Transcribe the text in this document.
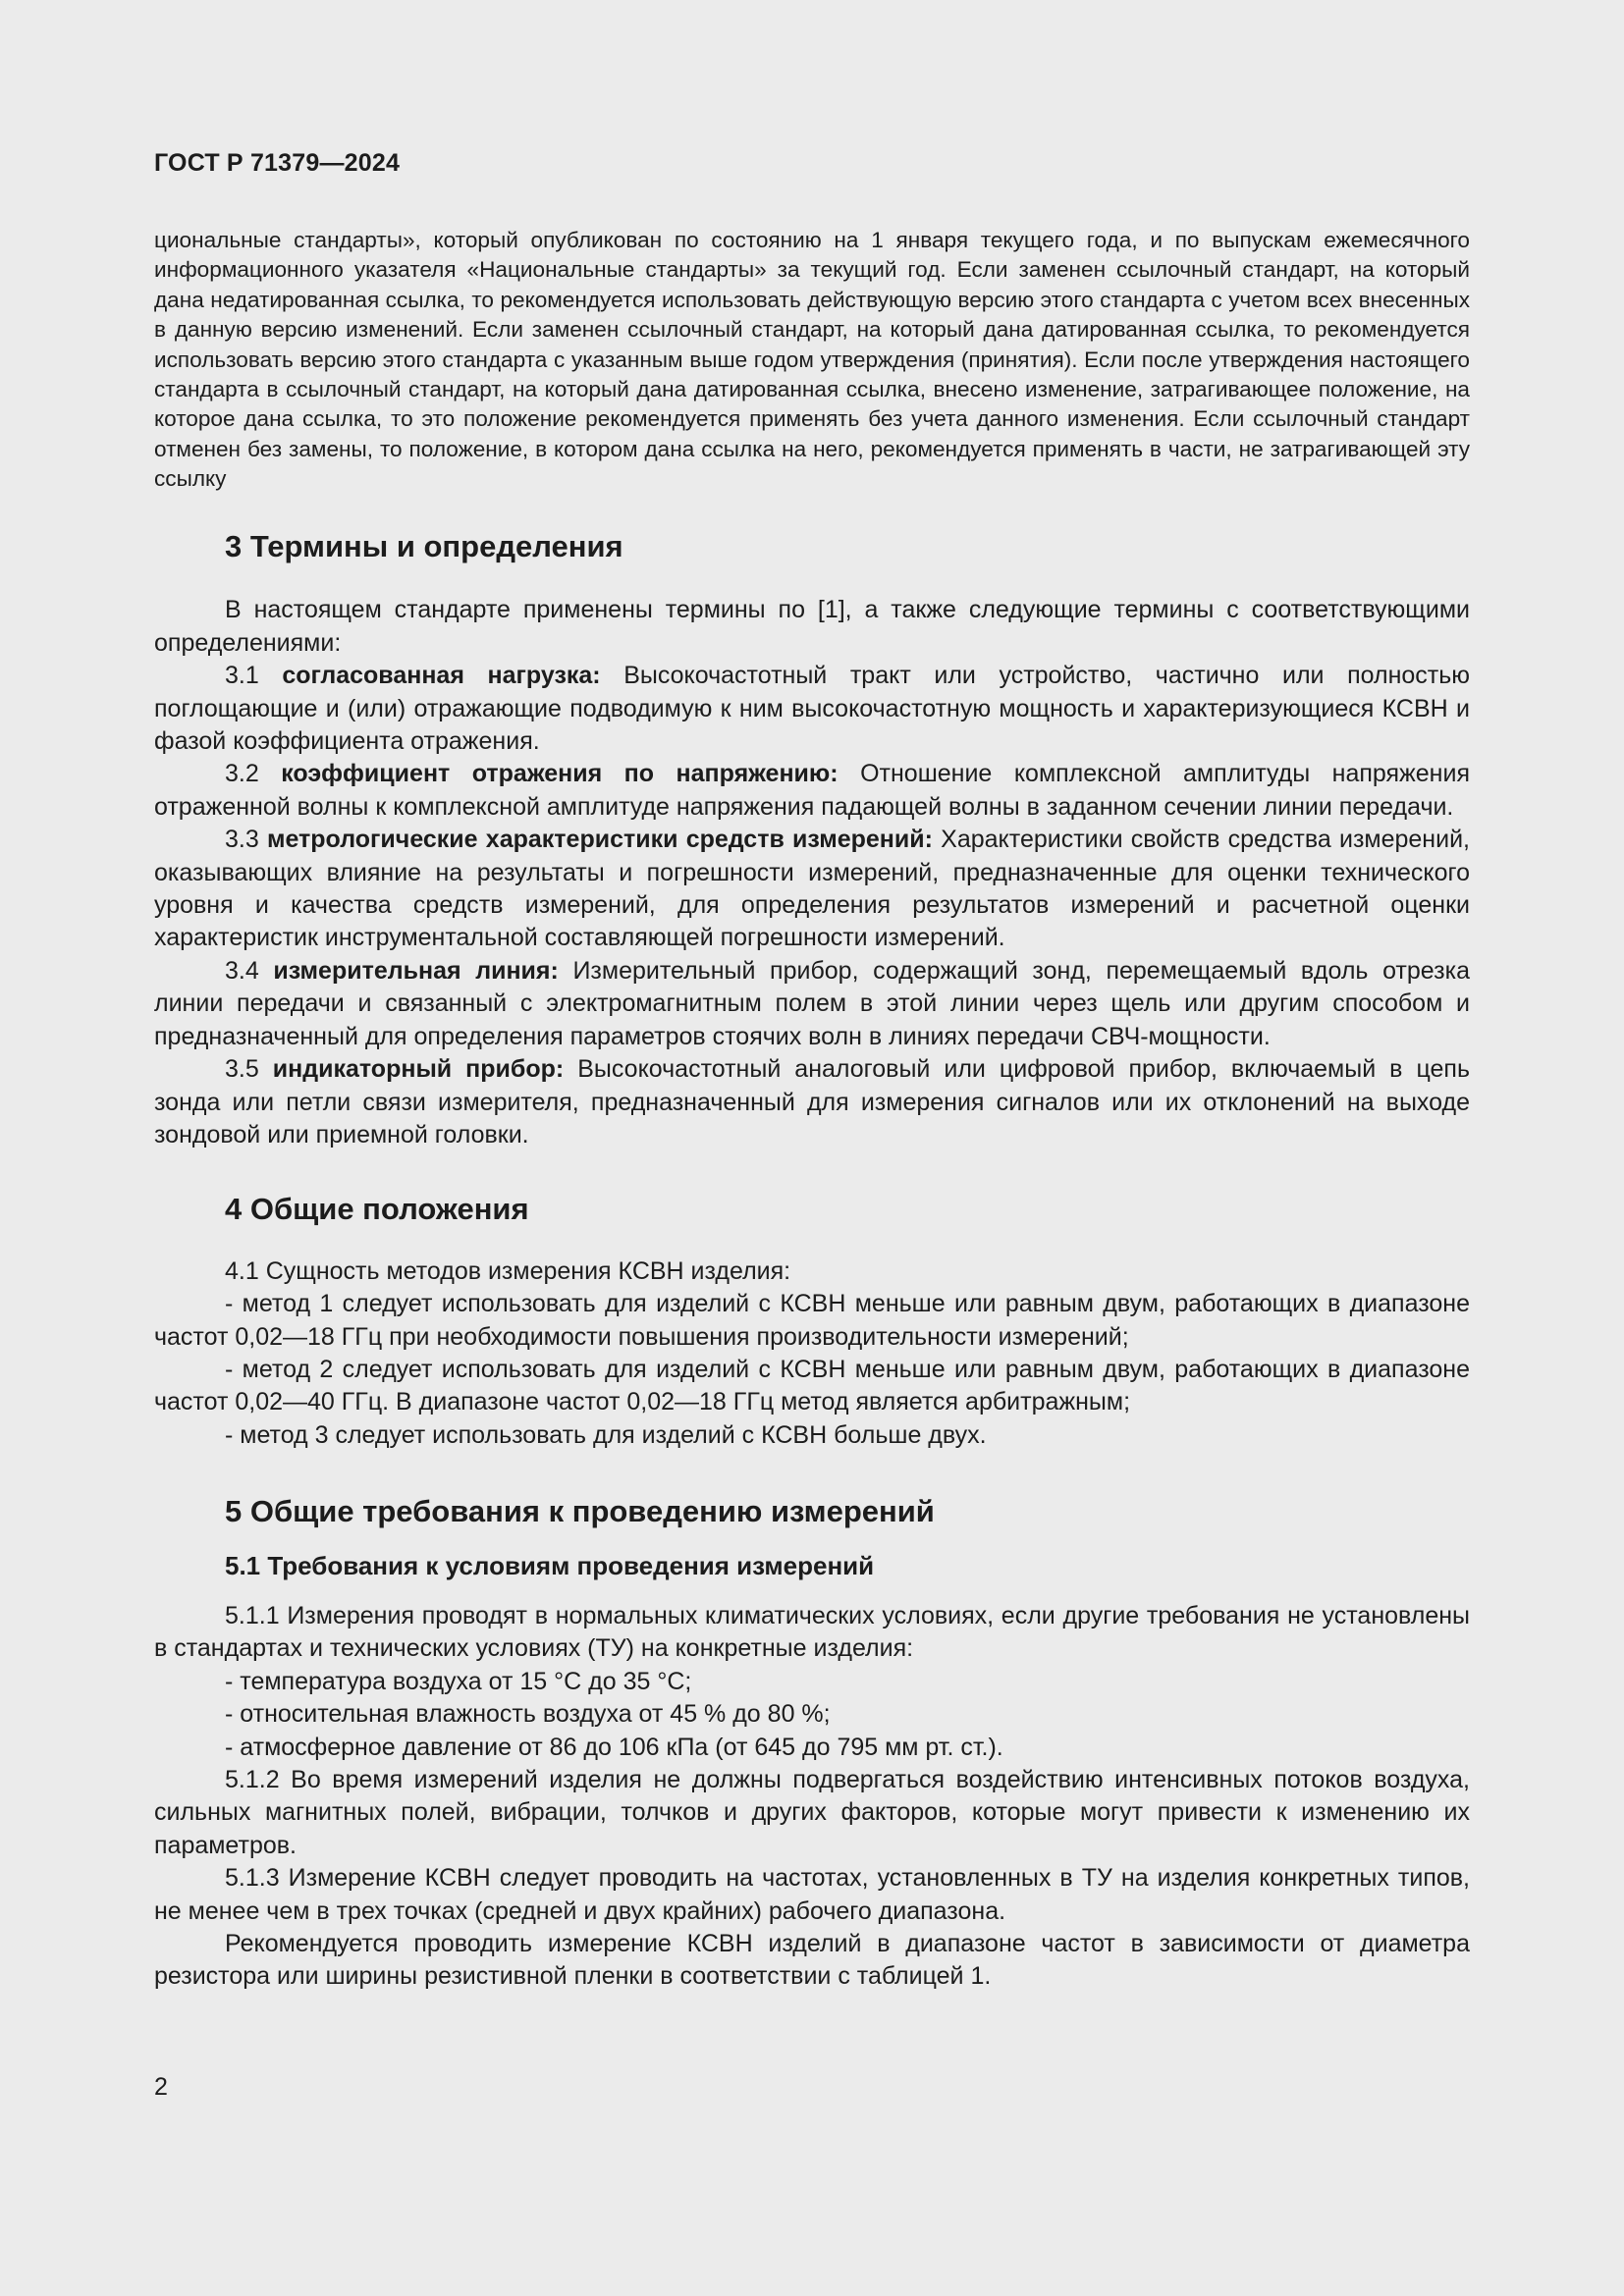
ГОСТ Р 71379—2024

циональные стандарты», который опубликован по состоянию на 1 января текущего года, и по выпускам ежемесячного информационного указателя «Национальные стандарты» за текущий год. Если заменен ссылочный стандарт, на который дана недатированная ссылка, то рекомендуется использовать действующую версию этого стандарта с учетом всех внесенных в данную версию изменений. Если заменен ссылочный стандарт, на который дана датированная ссылка, то рекомендуется использовать версию этого стандарта с указанным выше годом утверждения (принятия). Если после утверждения настоящего стандарта в ссылочный стандарт, на который дана датированная ссылка, внесено изменение, затрагивающее положение, на которое дана ссылка, то это положение рекомендуется применять без учета данного изменения. Если ссылочный стандарт отменен без замены, то положение, в котором дана ссылка на него, рекомендуется применять в части, не затрагивающей эту ссылку

3 Термины и определения

В настоящем стандарте применены термины по [1], а также следующие термины с соответствующими определениями:

3.1 согласованная нагрузка: Высокочастотный тракт или устройство, частично или полностью поглощающие и (или) отражающие подводимую к ним высокочастотную мощность и характеризующиеся КСВН и фазой коэффициента отражения.

3.2 коэффициент отражения по напряжению: Отношение комплексной амплитуды напряжения отраженной волны к комплексной амплитуде напряжения падающей волны в заданном сечении линии передачи.

3.3 метрологические характеристики средств измерений: Характеристики свойств средства измерений, оказывающих влияние на результаты и погрешности измерений, предназначенные для оценки технического уровня и качества средств измерений, для определения результатов измерений и расчетной оценки характеристик инструментальной составляющей погрешности измерений.

3.4 измерительная линия: Измерительный прибор, содержащий зонд, перемещаемый вдоль отрезка линии передачи и связанный с электромагнитным полем в этой линии через щель или другим способом и предназначенный для определения параметров стоячих волн в линиях передачи СВЧ-мощности.

3.5 индикаторный прибор: Высокочастотный аналоговый или цифровой прибор, включаемый в цепь зонда или петли связи измерителя, предназначенный для измерения сигналов или их отклонений на выходе зондовой или приемной головки.

4 Общие положения

4.1 Сущность методов измерения КСВН изделия:

- метод 1 следует использовать для изделий с КСВН меньше или равным двум, работающих в диапазоне частот 0,02—18 ГГц при необходимости повышения производительности измерений;

- метод 2 следует использовать для изделий с КСВН меньше или равным двум, работающих в диапазоне частот 0,02—40 ГГц. В диапазоне частот 0,02—18 ГГц метод является арбитражным;

- метод 3 следует использовать для изделий с КСВН больше двух.

5 Общие требования к проведению измерений
5.1 Требования к условиям проведения измерений

5.1.1 Измерения проводят в нормальных климатических условиях, если другие требования не установлены в стандартах и технических условиях (ТУ) на конкретные изделия:

- температура воздуха от 15 °C до 35 °C;

- относительная влажность воздуха от 45 % до 80 %;

- атмосферное давление от 86 до 106 кПа (от 645 до 795 мм рт. ст.).

5.1.2 Во время измерений изделия не должны подвергаться воздействию интенсивных потоков воздуха, сильных магнитных полей, вибрации, толчков и других факторов, которые могут привести к изменению их параметров.

5.1.3 Измерение КСВН следует проводить на частотах, установленных в ТУ на изделия конкретных типов, не менее чем в трех точках (средней и двух крайних) рабочего диапазона.

Рекомендуется проводить измерение КСВН изделий в диапазоне частот в зависимости от диаметра резистора или ширины резистивной пленки в соответствии с таблицей 1.

2
